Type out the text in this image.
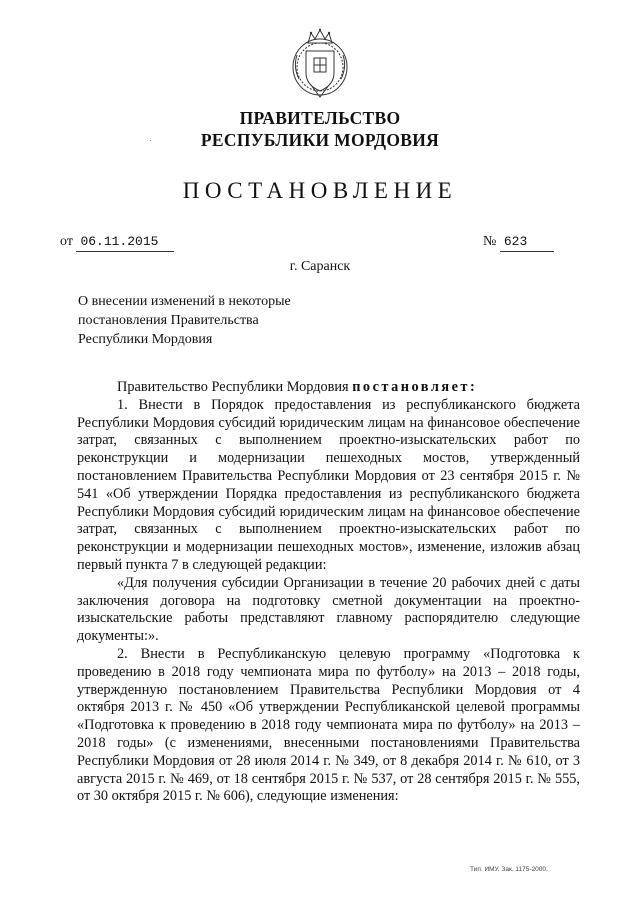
ПРАВИТЕЛЬСТВО
РЕСПУБЛИКИ МОРДОВИЯ
ПОСТАНОВЛЕНИЕ
от 06.11.2015	№ 623
г. Саранск
О внесении изменений в некоторые
постановления Правительства
Республики Мордовия

Правительство Республики Мордовия постановляет:

1. Внести в Порядок предоставления из республиканского бюджета Республики Мордовия субсидий юридическим лицам на финансовое обеспечение затрат, связанных с выполнением проектно-изыскательских работ по реконструкции и модернизации пешеходных мостов, утвержденный постановлением Правительства Республики Мордовия от 23 сентября 2015 г. № 541 «Об утверждении Порядка предоставления из республиканского бюджета Республики Мордовия субсидий юридическим лицам на финансовое обеспечение затрат, связанных с выполнением проектно-изыскательских работ по реконструкции и модернизации пешеходных мостов», изменение, изложив абзац первый пункта 7 в следующей редакции:

«Для получения субсидии Организации в течение 20 рабочих дней с даты заключения договора на подготовку сметной документации на проектно-изыскательские работы представляют главному распорядителю следующие документы:».

2. Внести в Республиканскую целевую программу «Подготовка к проведению в 2018 году чемпионата мира по футболу» на 2013 – 2018 годы, утвержденную постановлением Правительства Республики Мордовия от 4 октября 2013 г. № 450 «Об утверждении Республиканской целевой программы «Подготовка к проведению в 2018 году чемпионата мира по футболу» на 2013 – 2018 годы» (с изменениями, внесенными постановлениями Правительства Республики Мордовия от 28 июля 2014 г. № 349, от 8 декабря 2014 г. № 610, от 3 августа 2015 г. № 469, от 18 сентября 2015 г. № 537, от 28 сентября 2015 г. № 555, от 30 октября 2015 г. № 606), следующие изменения:

Тип. ИМУ. Зак. 1175-2000.
